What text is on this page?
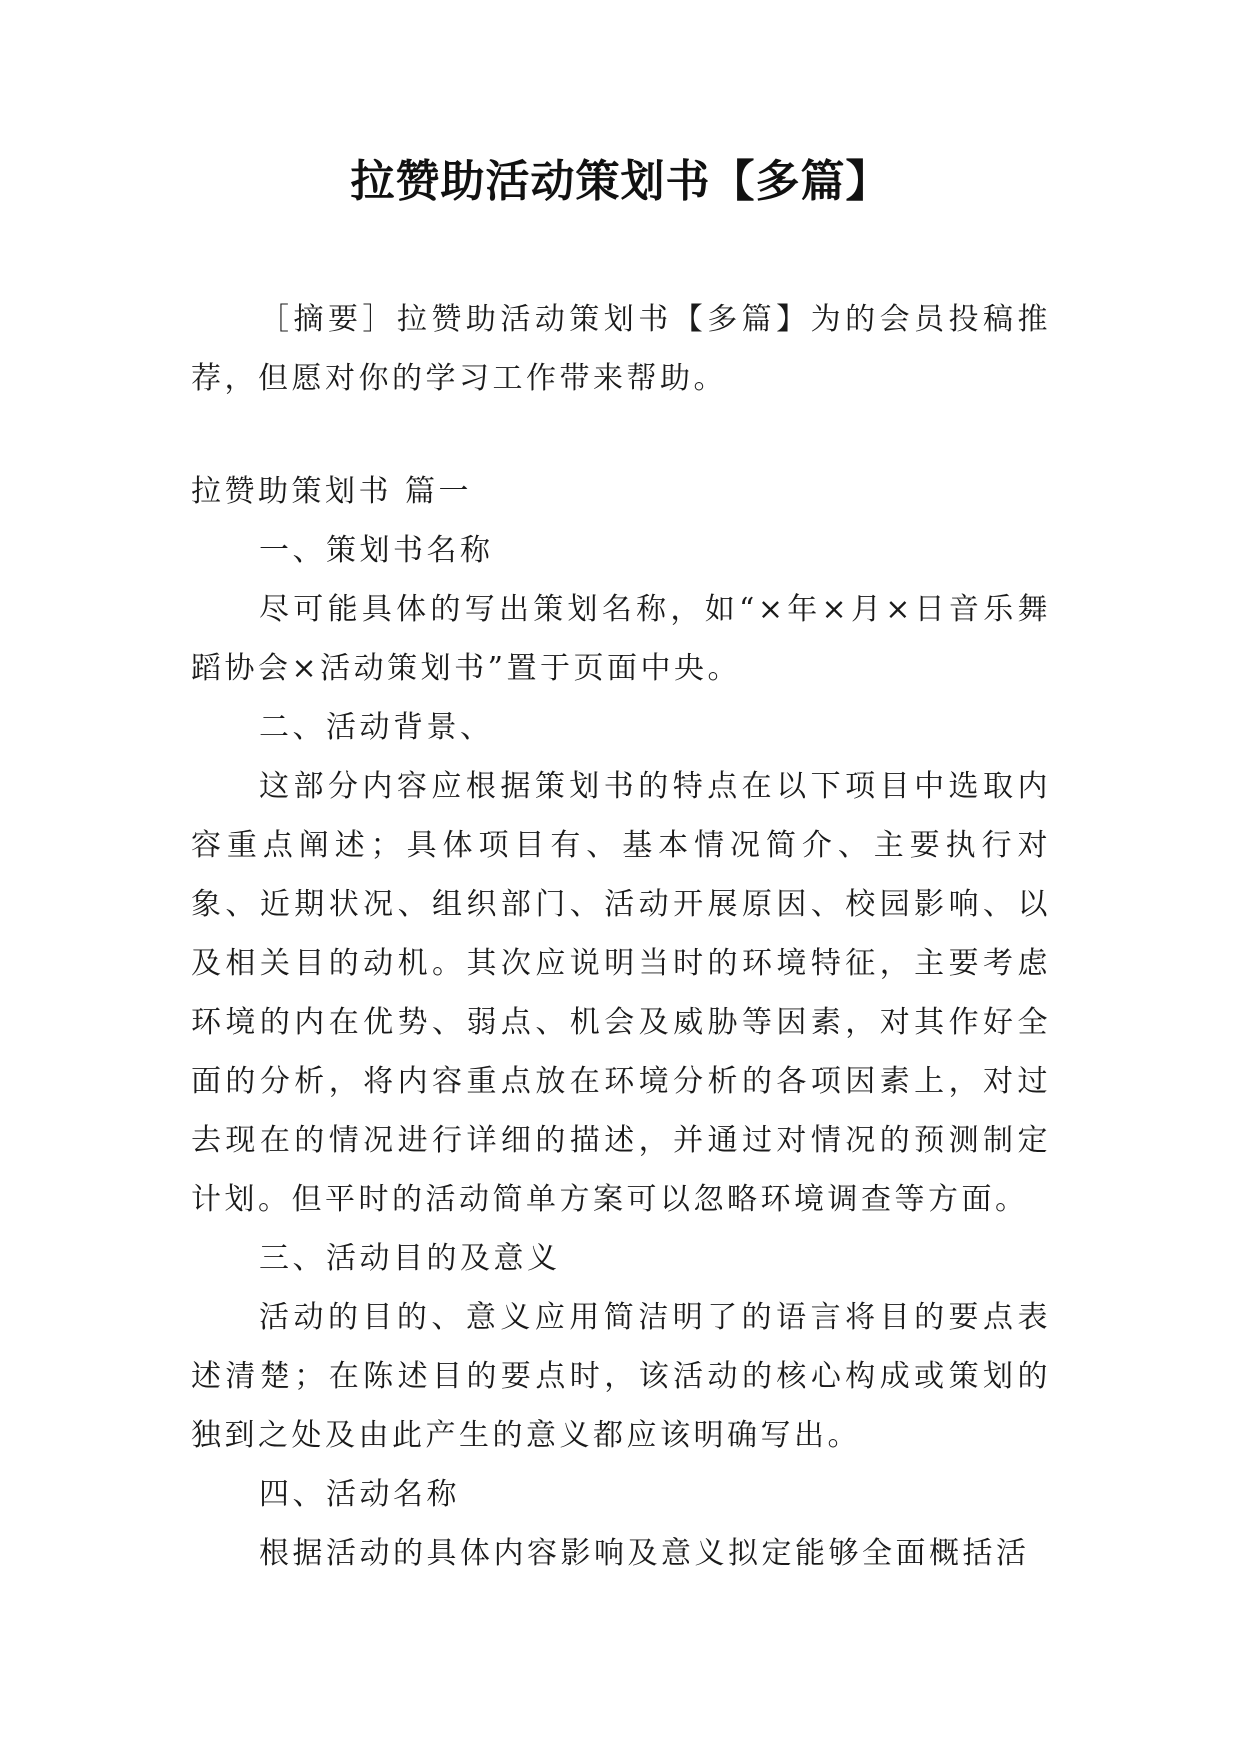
拉赞助活动策划书【多篇】

［摘要］拉赞助活动策划书【多篇】为的会员投稿推荐，但愿对你的学习工作带来帮助。

拉赞助策划书 篇一

一、策划书名称

尽可能具体的写出策划名称，如“×年×月×日音乐舞蹈协会×活动策划书”置于页面中央。

二、活动背景、

这部分内容应根据策划书的特点在以下项目中选取内容重点阐述；具体项目有、基本情况简介、主要执行对象、近期状况、组织部门、活动开展原因、校园影响、以及相关目的动机。其次应说明当时的环境特征，主要考虑环境的内在优势、弱点、机会及威胁等因素，对其作好全面的分析，将内容重点放在环境分析的各项因素上，对过去现在的情况进行详细的描述，并通过对情况的预测制定计划。但平时的活动简单方案可以忽略环境调查等方面。

三、活动目的及意义

活动的目的、意义应用简洁明了的语言将目的要点表述清楚；在陈述目的要点时，该活动的核心构成或策划的独到之处及由此产生的意义都应该明确写出。

四、活动名称

根据活动的具体内容影响及意义拟定能够全面概括活
